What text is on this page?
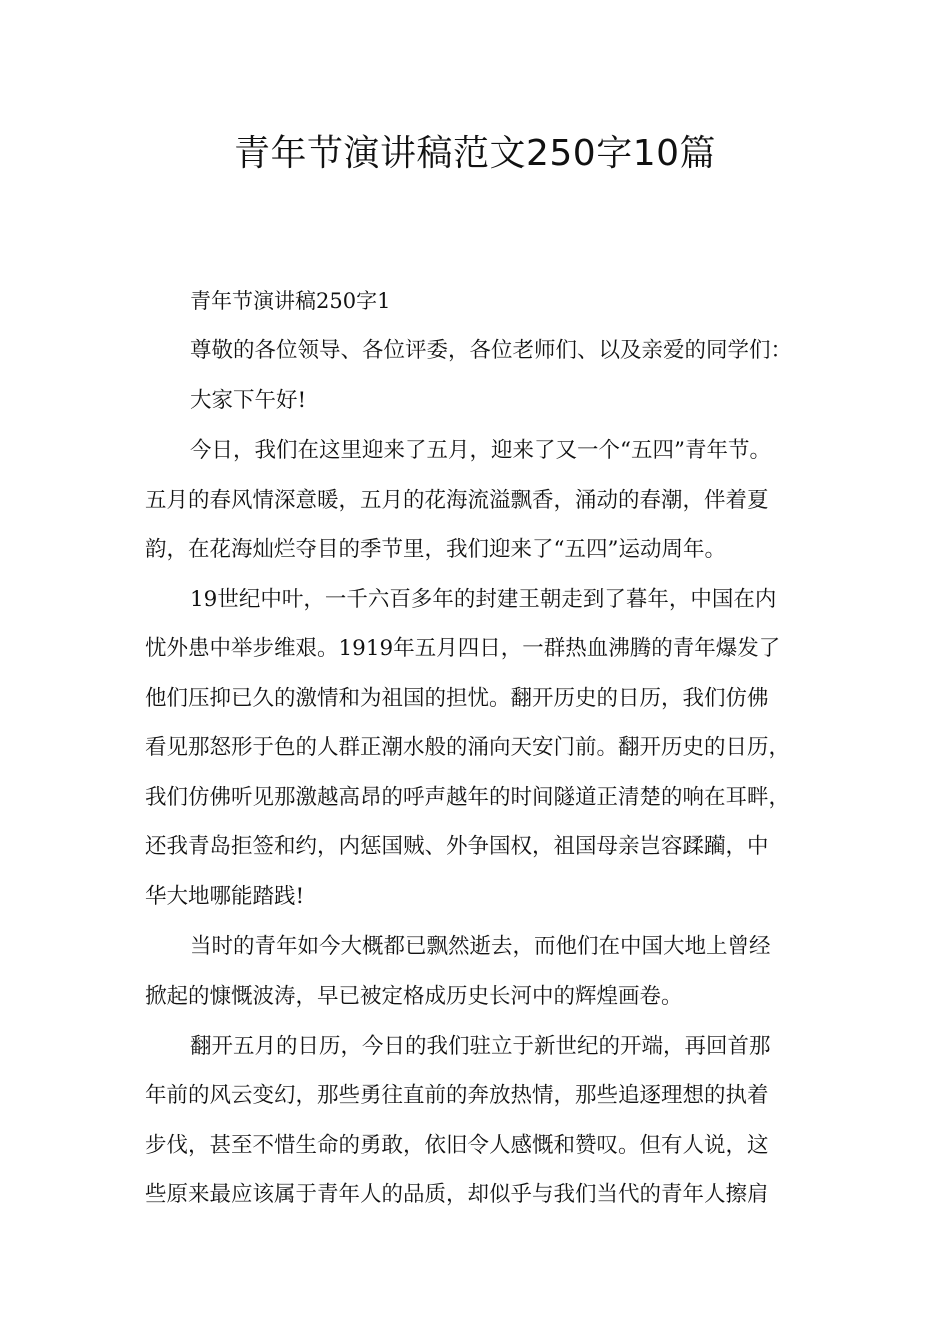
青年节演讲稿范文250字10篇
青年节演讲稿250字1

尊敬的各位领导、各位评委，各位老师们、以及亲爱的同学们：

大家下午好!

今日，我们在这里迎来了五月，迎来了又一个“五四”青年节。

五月的春风情深意暖，五月的花海流溢飘香，涌动的春潮，伴着夏

韵，在花海灿烂夺目的季节里，我们迎来了“五四”运动周年。

19世纪中叶，一千六百多年的封建王朝走到了暮年，中国在内

忧外患中举步维艰。1919年五月四日，一群热血沸腾的青年爆发了

他们压抑已久的激情和为祖国的担忧。翻开历史的日历，我们仿佛

看见那怒形于色的人群正潮水般的涌向天安门前。翻开历史的日历，

我们仿佛听见那激越高昂的呼声越年的时间隧道正清楚的响在耳畔，

还我青岛拒签和约，内惩国贼、外争国权，祖国母亲岂容蹂躏，中

华大地哪能踏践!

当时的青年如今大概都已飘然逝去，而他们在中国大地上曾经

掀起的慷慨波涛，早已被定格成历史长河中的辉煌画卷。

翻开五月的日历，今日的我们驻立于新世纪的开端，再回首那

年前的风云变幻，那些勇往直前的奔放热情，那些追逐理想的执着

步伐，甚至不惜生命的勇敢，依旧令人感慨和赞叹。但有人说，这

些原来最应该属于青年人的品质，却似乎与我们当代的青年人擦肩
